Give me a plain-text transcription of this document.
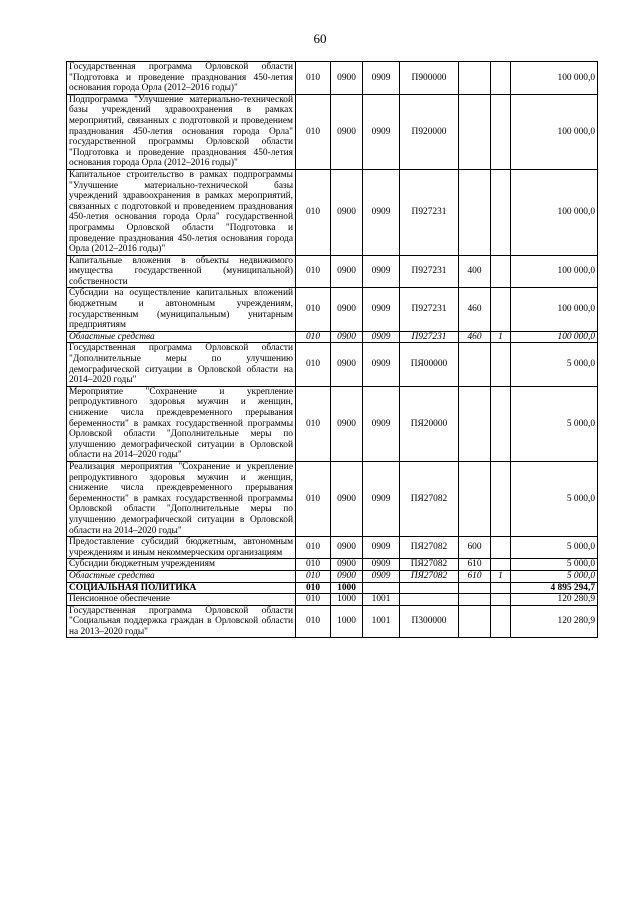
60
Государственная программа Орловской области "Подготовка и проведение празднования 450-летия основания города Орла (2012–2016 годы)"	010	0900	0909	П900000			100 000,0
Подпрограмма "Улучшение материально-технической базы учреждений здравоохранения в рамках мероприятий, связанных с подготовкой и проведением празднования 450-летия основания города Орла" государственной программы Орловской области "Подготовка и проведение празднования 450-летия основания города Орла (2012–2016 годы)"	010	0900	0909	П920000			100 000,0
Капитальное строительство в рамках подпрограммы "Улучшение материально-технической базы учреждений здравоохранения в рамках мероприятий, связанных с подготовкой и проведением празднования 450-летия основания города Орла" государственной программы Орловской области "Подготовка и проведение празднования 450-летия основания города Орла (2012–2016 годы)"	010	0900	0909	П927231			100 000,0
Капитальные вложения в объекты недвижимого имущества государственной (муниципальной) собственности	010	0900	0909	П927231	400		100 000,0
Субсидии на осуществление капитальных вложений бюджетным и автономным учреждениям, государственным (муниципальным) унитарным предприятиям	010	0900	0909	П927231	460		100 000,0
Областные средства	010	0900	0909	П927231	460	1	100 000,0
Государственная программа Орловской области "Дополнительные меры по улучшению демографической ситуации в Орловской области на 2014–2020 годы"	010	0900	0909	ПЯ00000			5 000,0
Мероприятие "Сохранение и укрепление репродуктивного здоровья мужчин и женщин, снижение числа преждевременного прерывания беременности" в рамках государственной программы Орловской области "Дополнительные меры по улучшению демографической ситуации в Орловской области на 2014–2020 годы"	010	0900	0909	ПЯ20000			5 000,0
Реализация мероприятия "Сохранение и укрепление репродуктивного здоровья мужчин и женщин, снижение числа преждевременного прерывания беременности" в рамках государственной программы Орловской области "Дополнительные меры по улучшению демографической ситуации в Орловской области на 2014–2020 годы"	010	0900	0909	ПЯ27082			5 000,0
Предоставление субсидий бюджетным, автономным учреждениям и иным некоммерческим организациям	010	0900	0909	ПЯ27082	600		5 000,0
Субсидии бюджетным учреждениям	010	0900	0909	ПЯ27082	610		5 000,0
Областные средства	010	0900	0909	ПЯ27082	610	1	5 000,0
СОЦИАЛЬНАЯ ПОЛИТИКА	010	1000					4 895 294,7
Пенсионное обеспечение	010	1000	1001				120 280,9
Государственная программа Орловской области "Социальная поддержка граждан в Орловской области на 2013–2020 годы"	010	1000	1001	П300000			120 280,9
